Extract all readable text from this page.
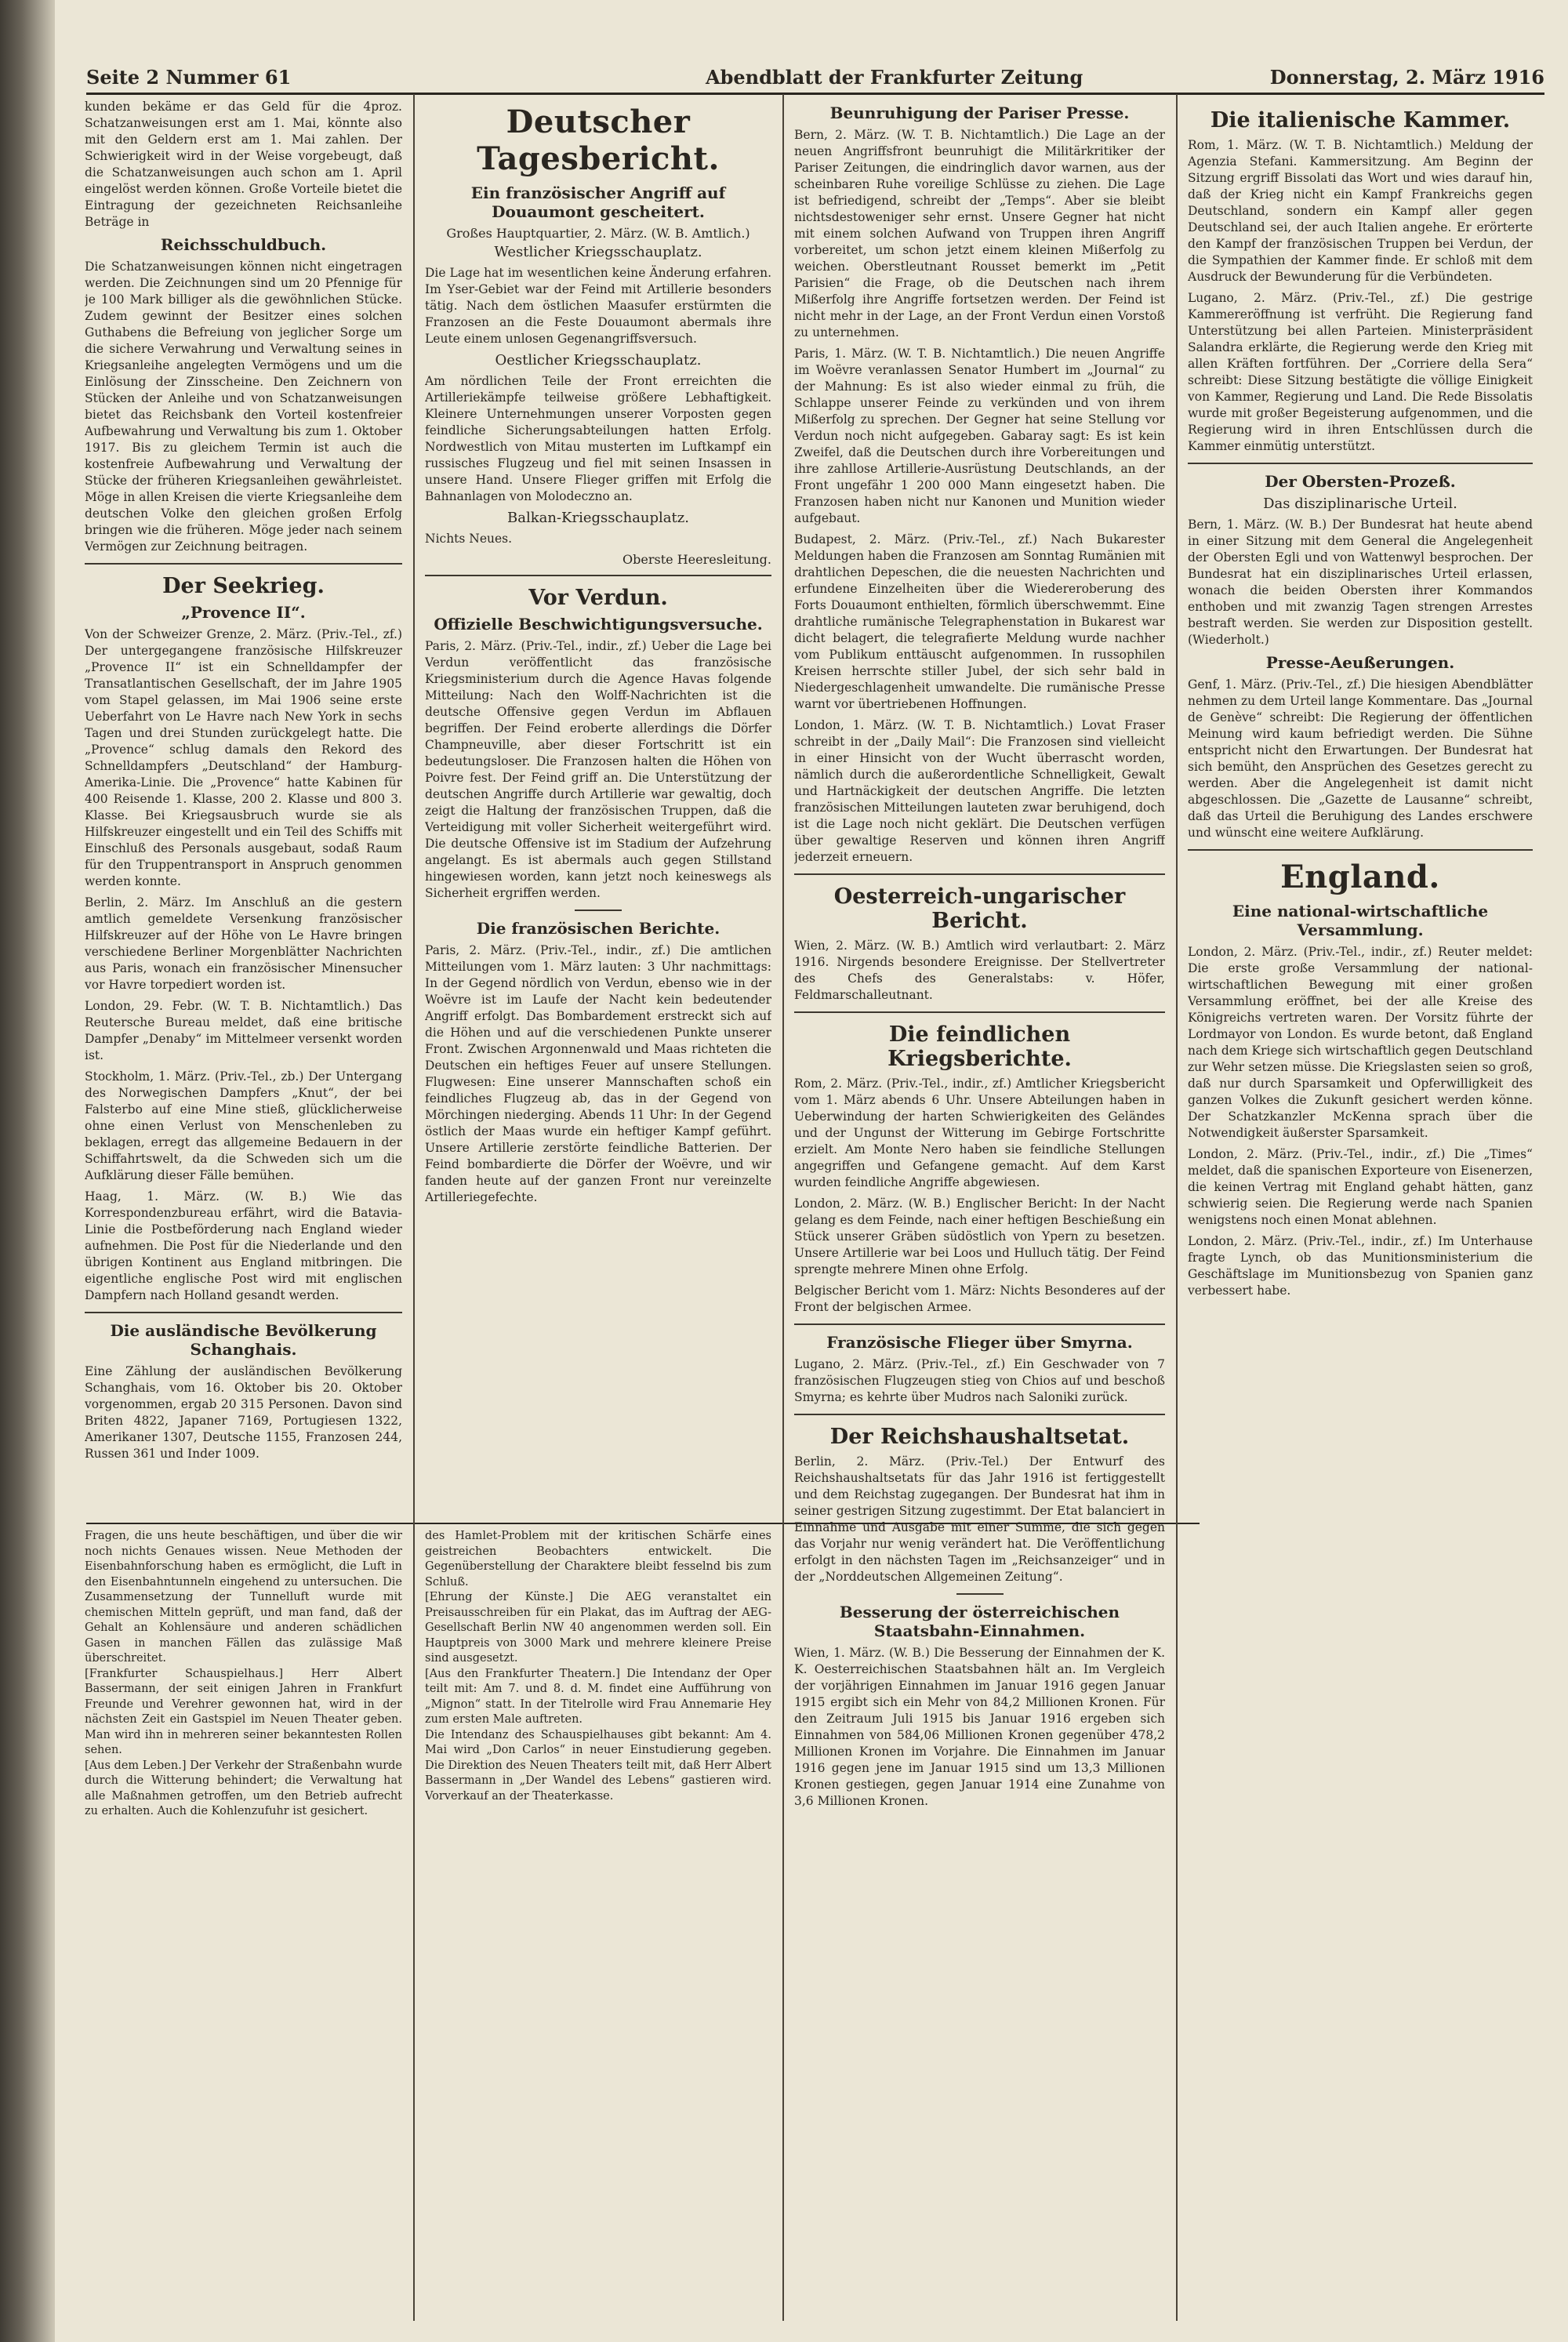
Seite 2 Nummer 61	Abendblatt der Frankfurter Zeitung	Donnerstag, 2. März 1916

kunden bekäme er das Geld für die 4proz. Schatzanweisungen erst am 1. Mai, könnte also mit den Geldern erst am 1. Mai zahlen. Der Schwierigkeit wird in der Weise vorgebeugt, daß die Schatzanweisungen auch schon am 1. April eingelöst werden können. Große Vorteile bietet die Eintragung der gezeichneten Reichsanleihe Beträge in

Reichsschuldbuch.

Die Schatzanweisungen können nicht eingetragen werden. Die Zeichnungen sind um 20 Pfennige für je 100 Mark billiger als die gewöhnlichen Stücke. Zudem gewinnt der Besitzer eines solchen Guthabens die Befreiung von jeglicher Sorge um die sichere Verwahrung und Verwaltung seines in Kriegsanleihe angelegten Vermögens und um die Einlösung der Zinsscheine. Den Zeichnern von Stücken der Anleihe und von Schatzanweisungen bietet das Reichsbank den Vorteil kostenfreier Aufbewahrung und Verwaltung bis zum 1. Oktober 1917. Bis zu gleichem Termin ist auch die kostenfreie Aufbewahrung und Verwaltung der Stücke der früheren Kriegsanleihen gewährleistet. Möge in allen Kreisen die vierte Kriegsanleihe dem deutschen Volke den gleichen großen Erfolg bringen wie die früheren. Möge jeder nach seinem Vermögen zur Zeichnung beitragen.

Der Seekrieg.
„Provence II“.

Von der Schweizer Grenze, 2. März. (Priv.-Tel., zf.) Der untergegangene französische Hilfskreuzer „Provence II“ ist ein Schnelldampfer der Transatlantischen Gesellschaft, der im Jahre 1905 vom Stapel gelassen, im Mai 1906 seine erste Ueberfahrt von Le Havre nach New York in sechs Tagen und drei Stunden zurückgelegt hatte. Die „Provence“ schlug damals den Rekord des Schnelldampfers „Deutschland“ der Hamburg-Amerika-Linie. Die „Provence“ hatte Kabinen für 400 Reisende 1. Klasse, 200 2. Klasse und 800 3. Klasse. Bei Kriegsausbruch wurde sie als Hilfskreuzer eingestellt und ein Teil des Schiffs mit Einschluß des Personals ausgebaut, sodaß Raum für den Truppentransport in Anspruch genommen werden konnte.

Berlin, 2. März. Im Anschluß an die gestern amtlich gemeldete Versenkung französischer Hilfskreuzer auf der Höhe von Le Havre bringen verschiedene Berliner Morgenblätter Nachrichten aus Paris, wonach ein französischer Minensucher vor Havre torpediert worden ist.

London, 29. Febr. (W. T. B. Nichtamtlich.) Das Reutersche Bureau meldet, daß eine britische Dampfer „Denaby“ im Mittelmeer versenkt worden ist.

Stockholm, 1. März. (Priv.-Tel., zb.) Der Untergang des Norwegischen Dampfers „Knut“, der bei Falsterbo auf eine Mine stieß, glücklicherweise ohne einen Verlust von Menschenleben zu beklagen, erregt das allgemeine Bedauern in der Schiffahrtswelt, da die Schweden sich um die Aufklärung dieser Fälle bemühen.

Haag, 1. März. (W. B.) Wie das Korrespondenzbureau erfährt, wird die Batavia-Linie die Postbeförderung nach England wieder aufnehmen. Die Post für die Niederlande und den übrigen Kontinent aus England mitbringen. Die eigentliche englische Post wird mit englischen Dampfern nach Holland gesandt werden.

Die ausländische Bevölkerung Schanghais.

Eine Zählung der ausländischen Bevölkerung Schanghais, vom 16. Oktober bis 20. Oktober vorgenommen, ergab 20 315 Personen. Davon sind Briten 4822, Japaner 7169, Portugiesen 1322, Amerikaner 1307, Deutsche 1155, Franzosen 244, Russen 361 und Inder 1009.

Deutscher Tagesbericht.
Ein französischer Angriff auf Douaumont gescheitert.
Großes Hauptquartier, 2. März. (W. B. Amtlich.)
Westlicher Kriegsschauplatz.

Die Lage hat im wesentlichen keine Änderung erfahren. Im Yser-Gebiet war der Feind mit Artillerie besonders tätig. Nach dem östlichen Maasufer erstürmten die Franzosen an die Feste Douaumont abermals ihre Leute einem unlosen Gegenangriffsversuch.

Oestlicher Kriegsschauplatz.

Am nördlichen Teile der Front erreichten die Artilleriekämpfe teilweise größere Lebhaftigkeit. Kleinere Unternehmungen unserer Vorposten gegen feindliche Sicherungsabteilungen hatten Erfolg. Nordwestlich von Mitau musterten im Luftkampf ein russisches Flugzeug und fiel mit seinen Insassen in unsere Hand. Unsere Flieger griffen mit Erfolg die Bahnanlagen von Molodeczno an.

Balkan-Kriegsschauplatz.

Nichts Neues.

Oberste Heeresleitung.
Vor Verdun.
Offizielle Beschwichtigungsversuche.

Paris, 2. März. (Priv.-Tel., indir., zf.) Ueber die Lage bei Verdun veröffentlicht das französische Kriegsministerium durch die Agence Havas folgende Mitteilung: Nach den Wolff-Nachrichten ist die deutsche Offensive gegen Verdun im Abflauen begriffen. Der Feind eroberte allerdings die Dörfer Champneuville, aber dieser Fortschritt ist ein bedeutungsloser. Die Franzosen halten die Höhen von Poivre fest. Der Feind griff an. Die Unterstützung der deutschen Angriffe durch Artillerie war gewaltig, doch zeigt die Haltung der französischen Truppen, daß die Verteidigung mit voller Sicherheit weitergeführt wird. Die deutsche Offensive ist im Stadium der Aufzehrung angelangt. Es ist abermals auch gegen Stillstand hingewiesen worden, kann jetzt noch keineswegs als Sicherheit ergriffen werden.

Die französischen Berichte.

Paris, 2. März. (Priv.-Tel., indir., zf.) Die amtlichen Mitteilungen vom 1. März lauten: 3 Uhr nachmittags: In der Gegend nördlich von Verdun, ebenso wie in der Woëvre ist im Laufe der Nacht kein bedeutender Angriff erfolgt. Das Bombardement erstreckt sich auf die Höhen und auf die verschiedenen Punkte unserer Front. Zwischen Argonnenwald und Maas richteten die Deutschen ein heftiges Feuer auf unsere Stellungen. Flugwesen: Eine unserer Mannschaften schoß ein feindliches Flugzeug ab, das in der Gegend von Mörchingen niederging. Abends 11 Uhr: In der Gegend östlich der Maas wurde ein heftiger Kampf geführt. Unsere Artillerie zerstörte feindliche Batterien. Der Feind bombardierte die Dörfer der Woëvre, und wir fanden heute auf der ganzen Front nur vereinzelte Artilleriegefechte.

Beunruhigung der Pariser Presse.

Bern, 2. März. (W. T. B. Nichtamtlich.) Die Lage an der neuen Angriffsfront beunruhigt die Militärkritiker der Pariser Zeitungen, die eindringlich davor warnen, aus der scheinbaren Ruhe voreilige Schlüsse zu ziehen. Die Lage ist befriedigend, schreibt der „Temps“. Aber sie bleibt nichtsdestoweniger sehr ernst. Unsere Gegner hat nicht mit einem solchen Aufwand von Truppen ihren Angriff vorbereitet, um schon jetzt einem kleinen Mißerfolg zu weichen. Oberstleutnant Rousset bemerkt im „Petit Parisien“ die Frage, ob die Deutschen nach ihrem Mißerfolg ihre Angriffe fortsetzen werden. Der Feind ist nicht mehr in der Lage, an der Front Verdun einen Vorstoß zu unternehmen.

Paris, 1. März. (W. T. B. Nichtamtlich.) Die neuen Angriffe im Woëvre veranlassen Senator Humbert im „Journal“ zu der Mahnung: Es ist also wieder einmal zu früh, die Schlappe unserer Feinde zu verkünden und von ihrem Mißerfolg zu sprechen. Der Gegner hat seine Stellung vor Verdun noch nicht aufgegeben. Gabaray sagt: Es ist kein Zweifel, daß die Deutschen durch ihre Vorbereitungen und ihre zahllose Artillerie-Ausrüstung Deutschlands, an der Front ungefähr 1 200 000 Mann eingesetzt haben. Die Franzosen haben nicht nur Kanonen und Munition wieder aufgebaut.

Budapest, 2. März. (Priv.-Tel., zf.) Nach Bukarester Meldungen haben die Franzosen am Sonntag Rumänien mit drahtlichen Depeschen, die die neuesten Nachrichten und erfundene Einzelheiten über die Wiedereroberung des Forts Douaumont enthielten, förmlich überschwemmt. Eine drahtliche rumänische Telegraphenstation in Bukarest war dicht belagert, die telegrafierte Meldung wurde nachher vom Publikum enttäuscht aufgenommen. In russophilen Kreisen herrschte stiller Jubel, der sich sehr bald in Niedergeschlagenheit umwandelte. Die rumänische Presse warnt vor übertriebenen Hoffnungen.

London, 1. März. (W. T. B. Nichtamtlich.) Lovat Fraser schreibt in der „Daily Mail“: Die Franzosen sind vielleicht in einer Hinsicht von der Wucht überrascht worden, nämlich durch die außerordentliche Schnelligkeit, Gewalt und Hartnäckigkeit der deutschen Angriffe. Die letzten französischen Mitteilungen lauteten zwar beruhigend, doch ist die Lage noch nicht geklärt. Die Deutschen verfügen über gewaltige Reserven und können ihren Angriff jederzeit erneuern.

Oesterreich-ungarischer Bericht.

Wien, 2. März. (W. B.) Amtlich wird verlautbart: 2. März 1916. Nirgends besondere Ereignisse. Der Stellvertreter des Chefs des Generalstabs: v. Höfer, Feldmarschalleutnant.

Die feindlichen Kriegsberichte.

Rom, 2. März. (Priv.-Tel., indir., zf.) Amtlicher Kriegsbericht vom 1. März abends 6 Uhr. Unsere Abteilungen haben in Ueberwindung der harten Schwierigkeiten des Geländes und der Ungunst der Witterung im Gebirge Fortschritte erzielt. Am Monte Nero haben sie feindliche Stellungen angegriffen und Gefangene gemacht. Auf dem Karst wurden feindliche Angriffe abgewiesen.

London, 2. März. (W. B.) Englischer Bericht: In der Nacht gelang es dem Feinde, nach einer heftigen Beschießung ein Stück unserer Gräben südöstlich von Ypern zu besetzen. Unsere Artillerie war bei Loos und Hulluch tätig. Der Feind sprengte mehrere Minen ohne Erfolg.

Belgischer Bericht vom 1. März: Nichts Besonderes auf der Front der belgischen Armee.

Französische Flieger über Smyrna.

Lugano, 2. März. (Priv.-Tel., zf.) Ein Geschwader von 7 französischen Flugzeugen stieg von Chios auf und beschoß Smyrna; es kehrte über Mudros nach Saloniki zurück.

Der Reichshaushaltsetat.

Berlin, 2. März. (Priv.-Tel.) Der Entwurf des Reichshaushaltsetats für das Jahr 1916 ist fertiggestellt und dem Reichstag zugegangen. Der Bundesrat hat ihm in seiner gestrigen Sitzung zugestimmt. Der Etat balanciert in Einnahme und Ausgabe mit einer Summe, die sich gegen das Vorjahr nur wenig verändert hat. Die Veröffentlichung erfolgt in den nächsten Tagen im „Reichsanzeiger“ und in der „Norddeutschen Allgemeinen Zeitung“.

Besserung der österreichischen Staatsbahn-Einnahmen.

Wien, 1. März. (W. B.) Die Besserung der Einnahmen der K. K. Oesterreichischen Staatsbahnen hält an. Im Vergleich der vorjährigen Einnahmen im Januar 1916 gegen Januar 1915 ergibt sich ein Mehr von 84,2 Millionen Kronen. Für den Zeitraum Juli 1915 bis Januar 1916 ergeben sich Einnahmen von 584,06 Millionen Kronen gegenüber 478,2 Millionen Kronen im Vorjahre. Die Einnahmen im Januar 1916 gegen jene im Januar 1915 sind um 13,3 Millionen Kronen gestiegen, gegen Januar 1914 eine Zunahme von 3,6 Millionen Kronen.

Die italienische Kammer.

Rom, 1. März. (W. T. B. Nichtamtlich.) Meldung der Agenzia Stefani. Kammersitzung. Am Beginn der Sitzung ergriff Bissolati das Wort und wies darauf hin, daß der Krieg nicht ein Kampf Frankreichs gegen Deutschland, sondern ein Kampf aller gegen Deutschland sei, der auch Italien angehe. Er erörterte den Kampf der französischen Truppen bei Verdun, der die Sympathien der Kammer finde. Er schloß mit dem Ausdruck der Bewunderung für die Verbündeten.

Lugano, 2. März. (Priv.-Tel., zf.) Die gestrige Kammereröffnung ist verfrüht. Die Regierung fand Unterstützung bei allen Parteien. Ministerpräsident Salandra erklärte, die Regierung werde den Krieg mit allen Kräften fortführen. Der „Corriere della Sera“ schreibt: Diese Sitzung bestätigte die völlige Einigkeit von Kammer, Regierung und Land. Die Rede Bissolatis wurde mit großer Begeisterung aufgenommen, und die Regierung wird in ihren Entschlüssen durch die Kammer einmütig unterstützt.

Der Obersten-Prozeß.
Das disziplinarische Urteil.

Bern, 1. März. (W. B.) Der Bundesrat hat heute abend in einer Sitzung mit dem General die Angelegenheit der Obersten Egli und von Wattenwyl besprochen. Der Bundesrat hat ein disziplinarisches Urteil erlassen, wonach die beiden Obersten ihrer Kommandos enthoben und mit zwanzig Tagen strengen Arrestes bestraft werden. Sie werden zur Disposition gestellt. (Wiederholt.)

Presse-Aeußerungen.

Genf, 1. März. (Priv.-Tel., zf.) Die hiesigen Abendblätter nehmen zu dem Urteil lange Kommentare. Das „Journal de Genève“ schreibt: Die Regierung der öffentlichen Meinung wird kaum befriedigt werden. Die Sühne entspricht nicht den Erwartungen. Der Bundesrat hat sich bemüht, den Ansprüchen des Gesetzes gerecht zu werden. Aber die Angelegenheit ist damit nicht abgeschlossen. Die „Gazette de Lausanne“ schreibt, daß das Urteil die Beruhigung des Landes erschwere und wünscht eine weitere Aufklärung.

England.
Eine national-wirtschaftliche Versammlung.

London, 2. März. (Priv.-Tel., indir., zf.) Reuter meldet: Die erste große Versammlung der national-wirtschaftlichen Bewegung mit einer großen Versammlung eröffnet, bei der alle Kreise des Königreichs vertreten waren. Der Vorsitz führte der Lordmayor von London. Es wurde betont, daß England nach dem Kriege sich wirtschaftlich gegen Deutschland zur Wehr setzen müsse. Die Kriegslasten seien so groß, daß nur durch Sparsamkeit und Opferwilligkeit des ganzen Volkes die Zukunft gesichert werden könne. Der Schatzkanzler McKenna sprach über die Notwendigkeit äußerster Sparsamkeit.

London, 2. März. (Priv.-Tel., indir., zf.) Die „Times“ meldet, daß die spanischen Exporteure von Eisenerzen, die keinen Vertrag mit England gehabt hätten, ganz schwierig seien. Die Regierung werde nach Spanien wenigstens noch einen Monat ablehnen.

London, 2. März. (Priv.-Tel., indir., zf.) Im Unterhause fragte Lynch, ob das Munitionsministerium die Geschäftslage im Munitionsbezug von Spanien ganz verbessert habe.

Fragen, die uns heute beschäftigen, und über die wir noch nichts Genaues wissen. Neue Methoden der Eisenbahnforschung haben es ermöglicht, die Luft in den Eisenbahntunneln eingehend zu untersuchen. Die Zusammensetzung der Tunnelluft wurde mit chemischen Mitteln geprüft, und man fand, daß der Gehalt an Kohlensäure und anderen schädlichen Gasen in manchen Fällen das zulässige Maß überschreitet.
[Frankfurter Schauspielhaus.] Herr Albert Bassermann, der seit einigen Jahren in Frankfurt Freunde und Verehrer gewonnen hat, wird in der nächsten Zeit ein Gastspiel im Neuen Theater geben. Man wird ihn in mehreren seiner bekanntesten Rollen sehen.
[Aus dem Leben.] Der Verkehr der Straßenbahn wurde durch die Witterung behindert; die Verwaltung hat alle Maßnahmen getroffen, um den Betrieb aufrecht zu erhalten. Auch die Kohlenzufuhr ist gesichert.

des Hamlet-Problem mit der kritischen Schärfe eines geistreichen Beobachters entwickelt. Die Gegenüberstellung der Charaktere bleibt fesselnd bis zum Schluß.
[Ehrung der Künste.] Die AEG veranstaltet ein Preisausschreiben für ein Plakat, das im Auftrag der AEG-Gesellschaft Berlin NW 40 angenommen werden soll. Ein Hauptpreis von 3000 Mark und mehrere kleinere Preise sind ausgesetzt.
[Aus den Frankfurter Theatern.] Die Intendanz der Oper teilt mit: Am 7. und 8. d. M. findet eine Aufführung von „Mignon“ statt. In der Titelrolle wird Frau Annemarie Hey zum ersten Male auftreten.
Die Intendanz des Schauspielhauses gibt bekannt: Am 4. Mai wird „Don Carlos“ in neuer Einstudierung gegeben. Die Direktion des Neuen Theaters teilt mit, daß Herr Albert Bassermann in „Der Wandel des Lebens“ gastieren wird. Vorverkauf an der Theaterkasse.
